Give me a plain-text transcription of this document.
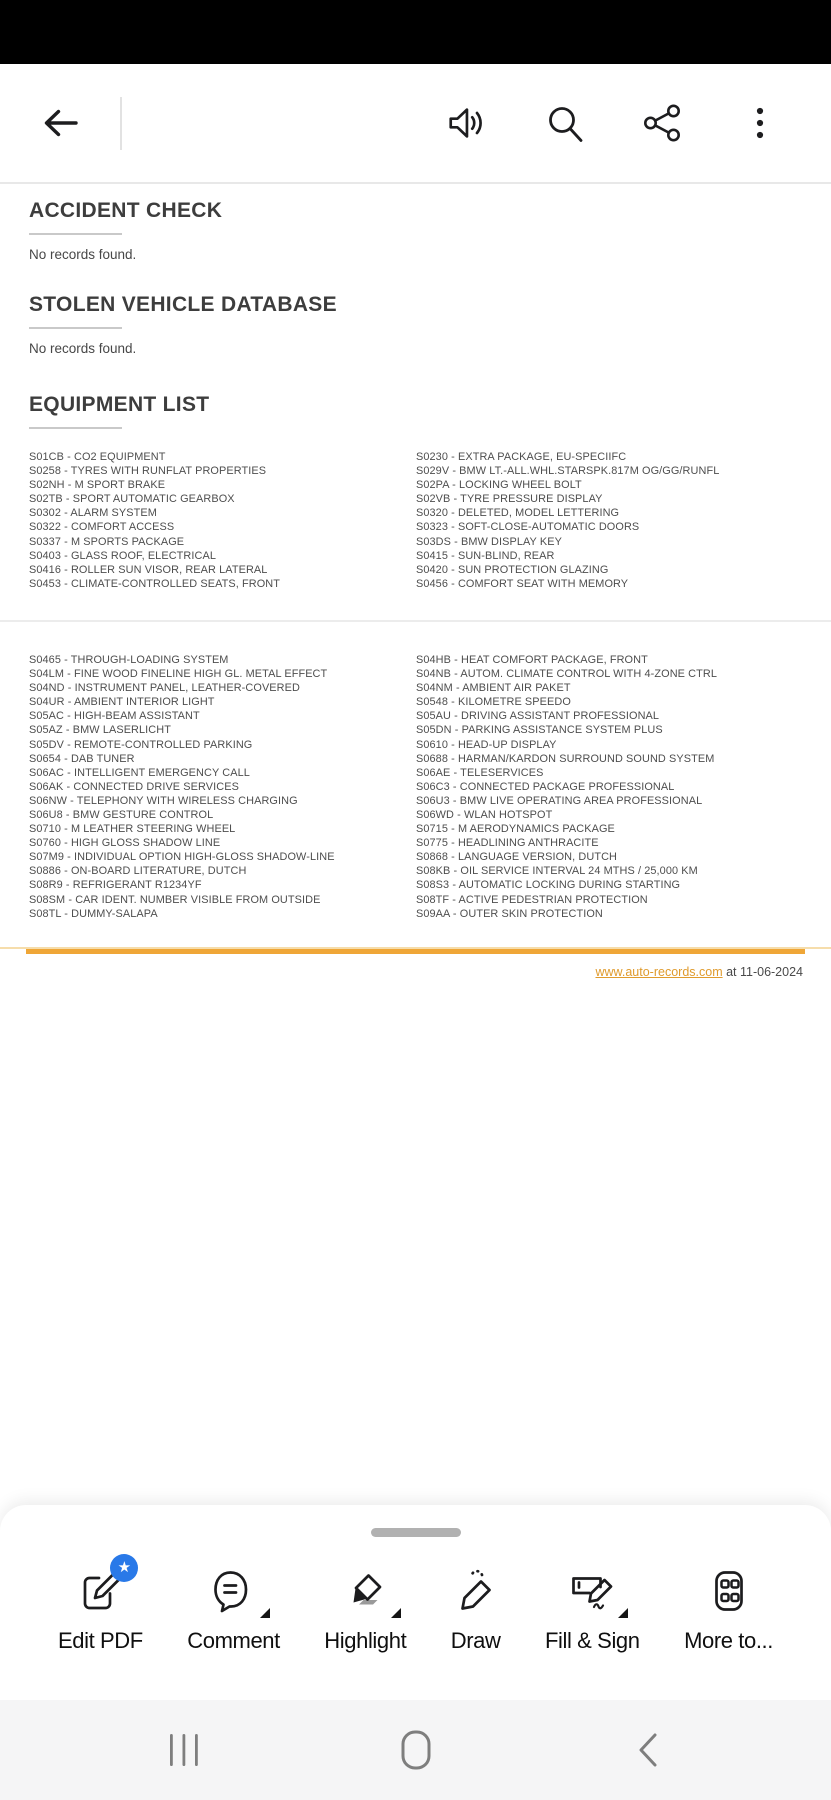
ACCIDENT CHECK

No records found.

STOLEN VEHICLE DATABASE

No records found.

EQUIPMENT LIST
S01CB - CO2 EQUIPMENT
S0258 - TYRES WITH RUNFLAT PROPERTIES
S02NH - M SPORT BRAKE
S02TB - SPORT AUTOMATIC GEARBOX
S0302 - ALARM SYSTEM
S0322 - COMFORT ACCESS
S0337 - M SPORTS PACKAGE
S0403 - GLASS ROOF, ELECTRICAL
S0416 - ROLLER SUN VISOR, REAR LATERAL
S0453 - CLIMATE-CONTROLLED SEATS, FRONT
S0230 - EXTRA PACKAGE, EU-SPECIIFC
S029V - BMW LT.-ALL.WHL.STARSPK.817M OG/GG/RUNFL
S02PA - LOCKING WHEEL BOLT
S02VB - TYRE PRESSURE DISPLAY
S0320 - DELETED, MODEL LETTERING
S0323 - SOFT-CLOSE-AUTOMATIC DOORS
S03DS - BMW DISPLAY KEY
S0415 - SUN-BLIND, REAR
S0420 - SUN PROTECTION GLAZING
S0456 - COMFORT SEAT WITH MEMORY
S0465 - THROUGH-LOADING SYSTEM
S04LM - FINE WOOD FINELINE HIGH GL. METAL EFFECT
S04ND - INSTRUMENT PANEL, LEATHER-COVERED
S04UR - AMBIENT INTERIOR LIGHT
S05AC - HIGH-BEAM ASSISTANT
S05AZ - BMW LASERLICHT
S05DV - REMOTE-CONTROLLED PARKING
S0654 - DAB TUNER
S06AC - INTELLIGENT EMERGENCY CALL
S06AK - CONNECTED DRIVE SERVICES
S06NW - TELEPHONY WITH WIRELESS CHARGING
S06U8 - BMW GESTURE CONTROL
S0710 - M LEATHER STEERING WHEEL
S0760 - HIGH GLOSS SHADOW LINE
S07M9 - INDIVIDUAL OPTION HIGH-GLOSS SHADOW-LINE
S0886 - ON-BOARD LITERATURE, DUTCH
S08R9 - REFRIGERANT R1234YF
S08SM - CAR IDENT. NUMBER VISIBLE FROM OUTSIDE
S08TL - DUMMY-SALAPA
S04HB - HEAT COMFORT PACKAGE, FRONT
S04NB - AUTOM. CLIMATE CONTROL WITH 4-ZONE CTRL
S04NM - AMBIENT AIR PAKET
S0548 - KILOMETRE SPEEDO
S05AU - DRIVING ASSISTANT PROFESSIONAL
S05DN - PARKING ASSISTANCE SYSTEM PLUS
S0610 - HEAD-UP DISPLAY
S0688 - HARMAN/KARDON SURROUND SOUND SYSTEM
S06AE - TELESERVICES
S06C3 - CONNECTED PACKAGE PROFESSIONAL
S06U3 - BMW LIVE OPERATING AREA PROFESSIONAL
S06WD - WLAN HOTSPOT
S0715 - M AERODYNAMICS PACKAGE
S0775 - HEADLINING ANTHRACITE
S0868 - LANGUAGE VERSION, DUTCH
S08KB - OIL SERVICE INTERVAL 24 MTHS / 25,000 KM
S08S3 - AUTOMATIC LOCKING DURING STARTING
S08TF - ACTIVE PEDESTRIAN PROTECTION
S09AA - OUTER SKIN PROTECTION

www.auto-records.com at 11-06-2024

★
Edit PDF Comment Highlight Draw Fill & Sign More to...
